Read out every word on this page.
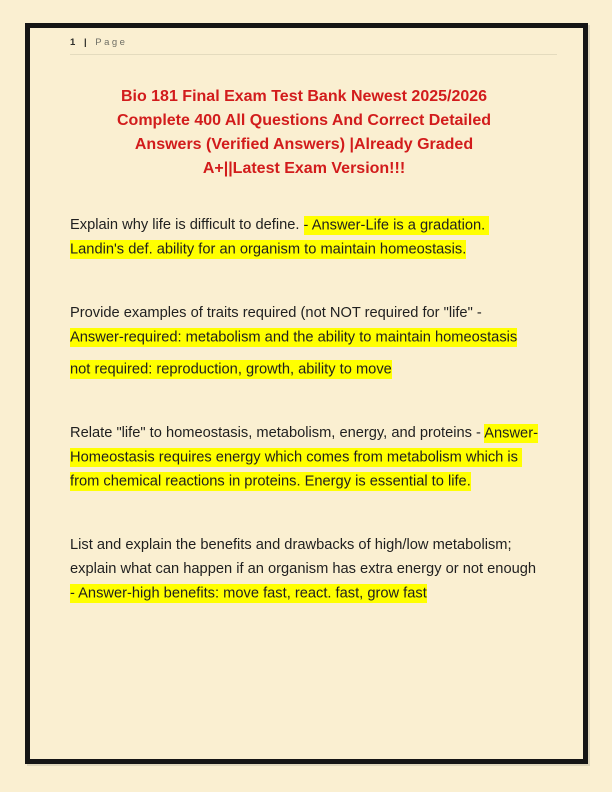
1 | Page
Bio 181 Final Exam Test Bank Newest 2025/2026
Complete 400 All Questions And Correct Detailed
Answers (Verified Answers) |Already Graded
A+||Latest Exam Version!!!

Explain why life is difficult to define. - Answer-Life is a gradation. Landin's def. ability for an organism to maintain homeostasis.

Provide examples of traits required (not NOT required for "life" - Answer-required: metabolism and the ability to maintain homeostasis

not required: reproduction, growth, ability to move

Relate "life" to homeostasis, metabolism, energy, and proteins - Answer-Homeostasis requires energy which comes from metabolism which is from chemical reactions in proteins. Energy is essential to life.

List and explain the benefits and drawbacks of high/low metabolism; explain what can happen if an organism has extra energy or not enough - Answer-high benefits: move fast, react. fast, grow fast
